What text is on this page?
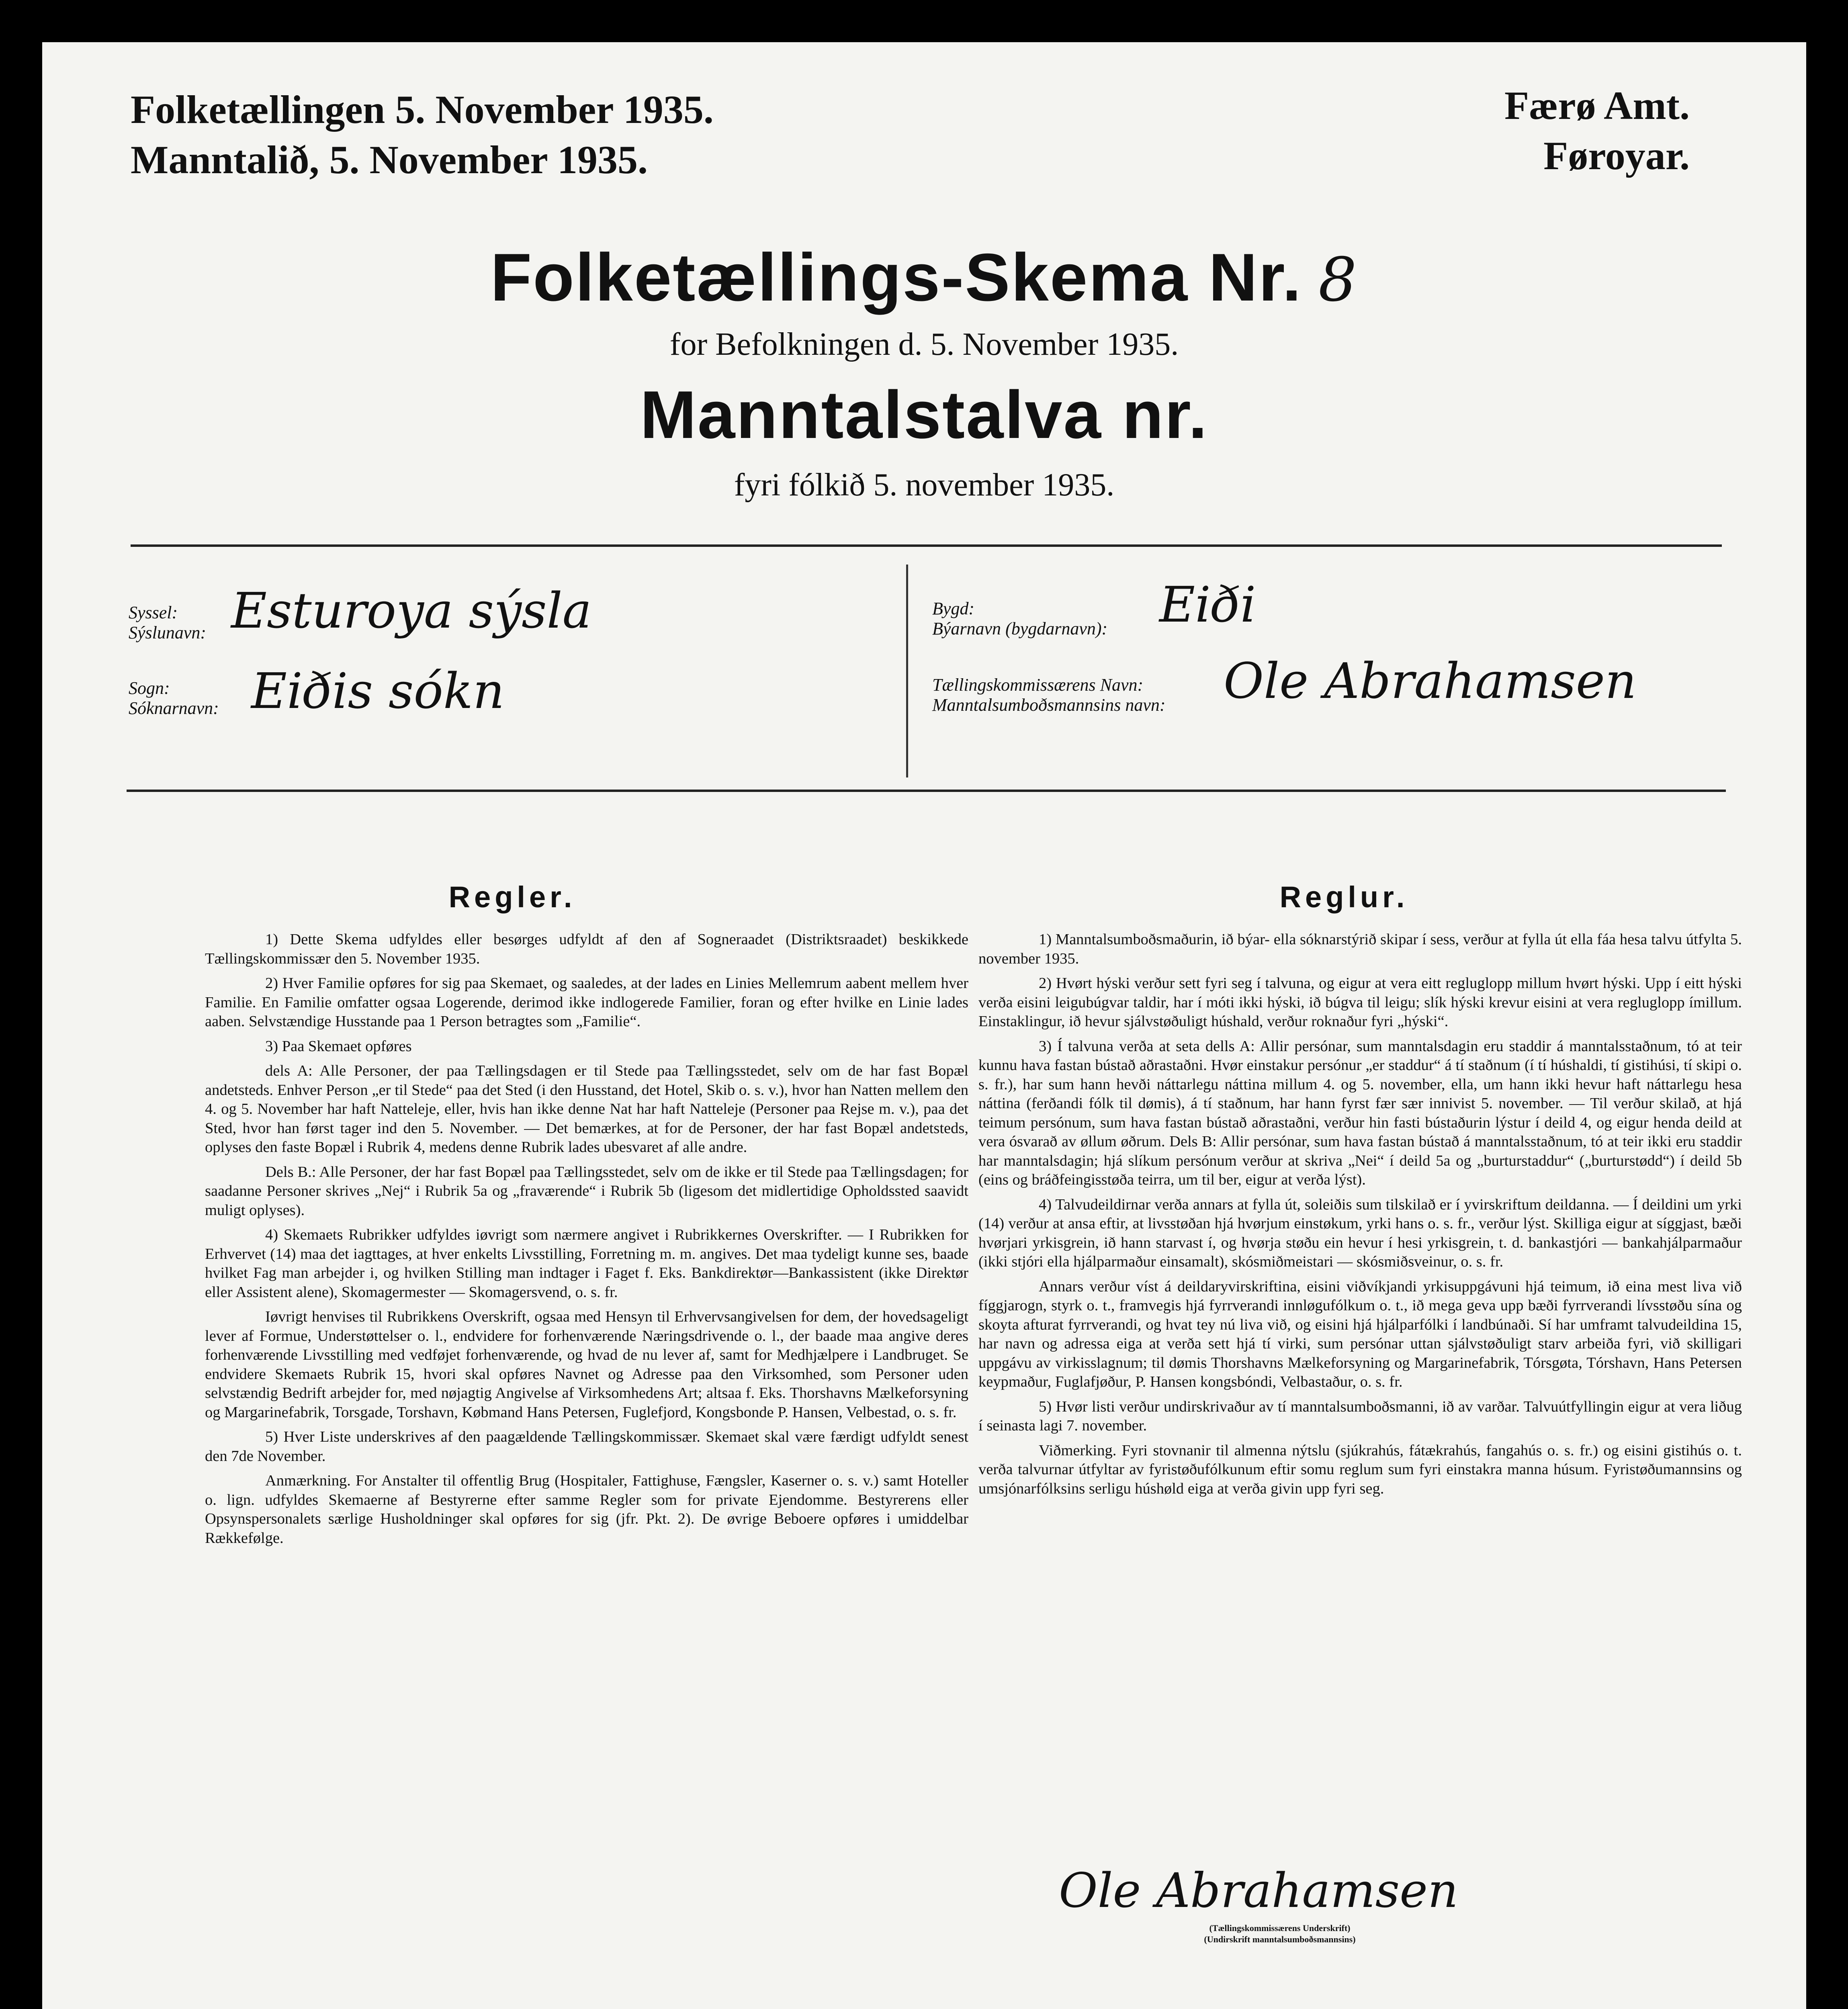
Folketællingen 5. November 1935.
Manntalið, 5. November 1935.
Færø Amt.
Føroyar.
Folketællings-Skema Nr. 8
for Befolkningen d. 5. November 1935.
Manntalstalva nr.
fyri fólkið 5. november 1935.
Syssel:
Sýslunavn: Esturoya sýsla
Sogn:
Sóknarnavn: Eiðis sókn
Bygd:
Býarnavn (bygdarnavn): Eiði
Tællingskommissærens Navn:
Manntalsumboðsmannsins navn: Ole Abrahamsen
Regler.

1) Dette Skema udfyldes eller besørges udfyldt af den af Sogneraadet (Distriktsraadet) beskikkede Tællingskommissær den 5. November 1935.

2) Hver Familie opføres for sig paa Skemaet, og saaledes, at der lades en Linies Mellemrum aabent mellem hver Familie. En Familie omfatter ogsaa Logerende, derimod ikke indlogerede Familier, foran og efter hvilke en Linie lades aaben. Selvstændige Husstande paa 1 Person betragtes som „Familie“.

3) Paa Skemaet opføres

dels A: Alle Personer, der paa Tællingsdagen er til Stede paa Tællingsstedet, selv om de har fast Bopæl andetsteds. Enhver Person „er til Stede“ paa det Sted (i den Husstand, det Hotel, Skib o. s. v.), hvor han Natten mellem den 4. og 5. November har haft Natteleje, eller, hvis han ikke denne Nat har haft Natteleje (Personer paa Rejse m. v.), paa det Sted, hvor han først tager ind den 5. November. — Det bemærkes, at for de Personer, der har fast Bopæl andetsteds, oplyses den faste Bopæl i Rubrik 4, medens denne Rubrik lades ubesvaret af alle andre.

Dels B.: Alle Personer, der har fast Bopæl paa Tællingsstedet, selv om de ikke er til Stede paa Tællingsdagen; for saadanne Personer skrives „Nej“ i Rubrik 5a og „fraværende“ i Rubrik 5b (ligesom det midlertidige Opholdssted saavidt muligt oplyses).

4) Skemaets Rubrikker udfyldes iøvrigt som nærmere angivet i Rubrikkernes Overskrifter. — I Rubrikken for Erhvervet (14) maa det iagttages, at hver enkelts Livsstilling, Forretning m. m. angives. Det maa tydeligt kunne ses, baade hvilket Fag man arbejder i, og hvilken Stilling man indtager i Faget f. Eks. Bankdirektør—Bankassistent (ikke Direktør eller Assistent alene), Skomagermester — Skomagersvend, o. s. fr.

Iøvrigt henvises til Rubrikkens Overskrift, ogsaa med Hensyn til Erhvervsangivelsen for dem, der hovedsageligt lever af Formue, Understøttelser o. l., endvidere for forhenværende Næringsdrivende o. l., der baade maa angive deres forhenværende Livsstilling med vedføjet forhenværende, og hvad de nu lever af, samt for Medhjælpere i Landbruget. Se endvidere Skemaets Rubrik 15, hvori skal opføres Navnet og Adresse paa den Virksomhed, som Personer uden selvstændig Bedrift arbejder for, med nøjagtig Angivelse af Virksomhedens Art; altsaa f. Eks. Thorshavns Mælkeforsyning og Margarinefabrik, Torsgade, Torshavn, Købmand Hans Petersen, Fuglefjord, Kongsbonde P. Hansen, Velbestad, o. s. fr.

5) Hver Liste underskrives af den paagældende Tællingskommissær. Skemaet skal være færdigt udfyldt senest den 7de November.

Anmærkning. For Anstalter til offentlig Brug (Hospitaler, Fattighuse, Fængsler, Kaserner o. s. v.) samt Hoteller o. lign. udfyldes Skemaerne af Bestyrerne efter samme Regler som for private Ejendomme. Bestyrerens eller Opsynspersonalets særlige Husholdninger skal opføres for sig (jfr. Pkt. 2). De øvrige Beboere opføres i umiddelbar Rækkefølge.

Reglur.

1) Manntalsumboðsmaðurin, ið býar- ella sóknarstýrið skipar í sess, verður at fylla út ella fáa hesa talvu útfylta 5. november 1935.

2) Hvørt hýski verður sett fyri seg í talvuna, og eigur at vera eitt regluglopp millum hvørt hýski. Upp í eitt hýski verða eisini leigubúgvar taldir, har í móti ikki hýski, ið búgva til leigu; slík hýski krevur eisini at vera regluglopp ímillum. Einstaklingur, ið hevur sjálvstøðuligt húshald, verður roknaður fyri „hýski“.

3) Í talvuna verða at seta dells A: Allir persónar, sum manntalsdagin eru staddir á manntalsstaðnum, tó at teir kunnu hava fastan bústað aðrastaðni. Hvør einstakur persónur „er staddur“ á tí staðnum (í tí húshaldi, tí gistihúsi, tí skipi o. s. fr.), har sum hann hevði náttarlegu náttina millum 4. og 5. november, ella, um hann ikki hevur haft náttarlegu hesa náttina (ferðandi fólk til dømis), á tí staðnum, har hann fyrst fær sær innivist 5. november. — Til verður skilað, at hjá teimum persónum, sum hava fastan bústað aðrastaðni, verður hin fasti bústaðurin lýstur í deild 4, og eigur henda deild at vera ósvarað av øllum øðrum. Dels B: Allir persónar, sum hava fastan bústað á manntalsstaðnum, tó at teir ikki eru staddir har manntalsdagin; hjá slíkum persónum verður at skriva „Nei“ í deild 5a og „burturstaddur“ („burturstødd“) í deild 5b (eins og bráðfeingisstøða teirra, um til ber, eigur at verða lýst).

4) Talvudeildirnar verða annars at fylla út, soleiðis sum tilskilað er í yvirskriftum deildanna. — Í deildini um yrki (14) verður at ansa eftir, at livsstøðan hjá hvørjum einstøkum, yrki hans o. s. fr., verður lýst. Skilliga eigur at síggjast, bæði hvørjari yrkisgrein, ið hann starvast í, og hvørja støðu ein hevur í hesi yrkisgrein, t. d. bankastjóri — bankahjálparmaður (ikki stjóri ella hjálparmaður einsamalt), skósmiðmeistari — skósmiðsveinur, o. s. fr.

Annars verður víst á deildaryvirskriftina, eisini viðvíkjandi yrkisuppgávuni hjá teimum, ið eina mest liva við fíggjarogn, styrk o. t., framvegis hjá fyrrverandi innløgufólkum o. t., ið mega geva upp bæði fyrrverandi lívsstøðu sína og skoyta afturat fyrrverandi, og hvat tey nú liva við, og eisini hjá hjálparfólki í landbúnaði. Sí har umframt talvudeildina 15, har navn og adressa eiga at verða sett hjá tí virki, sum persónar uttan sjálvstøðuligt starv arbeiða fyri, við skilligari uppgávu av virkisslagnum; til dømis Thorshavns Mælkeforsyning og Margarinefabrik, Tórsgøta, Tórshavn, Hans Petersen keypmaður, Fuglafjøður, P. Hansen kongsbóndi, Velbastaður, o. s. fr.

5) Hvør listi verður undirskrivaður av tí manntalsumboðsmanni, ið av varðar. Talvuútfyllingin eigur at vera liðug í seinasta lagi 7. november.

Viðmerking. Fyri stovnanir til almenna nýtslu (sjúkrahús, fátækrahús, fangahús o. s. fr.) og eisini gistihús o. t. verða talvurnar útfyltar av fyristøðufólkunum eftir somu reglum sum fyri einstakra manna húsum. Fyristøðumannsins og umsjónarfólksins serligu húshøld eiga at verða givin upp fyri seg.

Ole Abrahamsen
(Tællingskommissærens Underskrift)
(Undirskrift manntalsumboðsmannsins)
